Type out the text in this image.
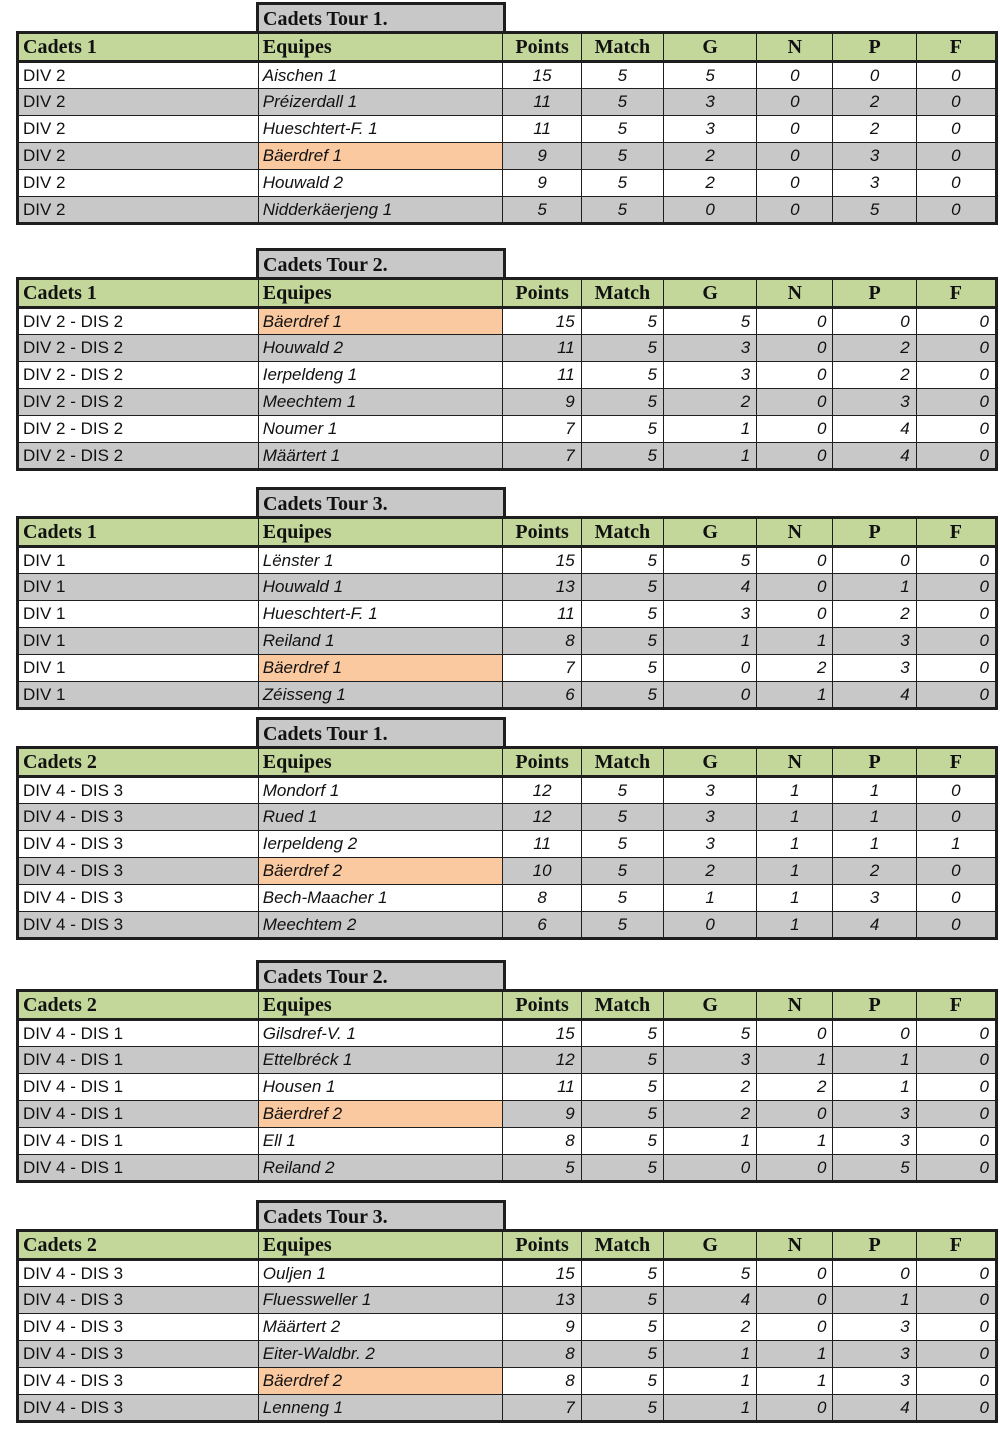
Cadets Tour 1.
Cadets 1	Equipes	Points	Match	G	N	P	F
DIV 2	Aischen 1	15	5	5	0	0	0
DIV 2	Préizerdall 1	11	5	3	0	2	0
DIV 2	Hueschtert-F. 1	11	5	3	0	2	0
DIV 2	Bäerdref 1	9	5	2	0	3	0
DIV 2	Houwald 2	9	5	2	0	3	0
DIV 2	Nidderkäerjeng 1	5	5	0	0	5	0
Cadets Tour 2.
Cadets 1	Equipes	Points	Match	G	N	P	F
DIV 2 - DIS 2	Bäerdref 1	15	5	5	0	0	0
DIV 2 - DIS 2	Houwald 2	11	5	3	0	2	0
DIV 2 - DIS 2	Ierpeldeng 1	11	5	3	0	2	0
DIV 2 - DIS 2	Meechtem 1	9	5	2	0	3	0
DIV 2 - DIS 2	Noumer 1	7	5	1	0	4	0
DIV 2 - DIS 2	Määrtert 1	7	5	1	0	4	0
Cadets Tour 3.
Cadets 1	Equipes	Points	Match	G	N	P	F
DIV 1	Lënster 1	15	5	5	0	0	0
DIV 1	Houwald 1	13	5	4	0	1	0
DIV 1	Hueschtert-F. 1	11	5	3	0	2	0
DIV 1	Reiland 1	8	5	1	1	3	0
DIV 1	Bäerdref 1	7	5	0	2	3	0
DIV 1	Zéisseng 1	6	5	0	1	4	0
Cadets Tour 1.
Cadets 2	Equipes	Points	Match	G	N	P	F
DIV 4 - DIS 3	Mondorf 1	12	5	3	1	1	0
DIV 4 - DIS 3	Rued 1	12	5	3	1	1	0
DIV 4 - DIS 3	Ierpeldeng 2	11	5	3	1	1	1
DIV 4 - DIS 3	Bäerdref 2	10	5	2	1	2	0
DIV 4 - DIS 3	Bech-Maacher 1	8	5	1	1	3	0
DIV 4 - DIS 3	Meechtem 2	6	5	0	1	4	0
Cadets Tour 2.
Cadets 2	Equipes	Points	Match	G	N	P	F
DIV 4 - DIS 1	Gilsdref-V. 1	15	5	5	0	0	0
DIV 4 - DIS 1	Ettelbréck 1	12	5	3	1	1	0
DIV 4 - DIS 1	Housen 1	11	5	2	2	1	0
DIV 4 - DIS 1	Bäerdref 2	9	5	2	0	3	0
DIV 4 - DIS 1	Ell 1	8	5	1	1	3	0
DIV 4 - DIS 1	Reiland 2	5	5	0	0	5	0
Cadets Tour 3.
Cadets 2	Equipes	Points	Match	G	N	P	F
DIV 4 - DIS 3	Ouljen 1	15	5	5	0	0	0
DIV 4 - DIS 3	Fluessweller 1	13	5	4	0	1	0
DIV 4 - DIS 3	Määrtert 2	9	5	2	0	3	0
DIV 4 - DIS 3	Eiter-Waldbr. 2	8	5	1	1	3	0
DIV 4 - DIS 3	Bäerdref 2	8	5	1	1	3	0
DIV 4 - DIS 3	Lenneng 1	7	5	1	0	4	0
